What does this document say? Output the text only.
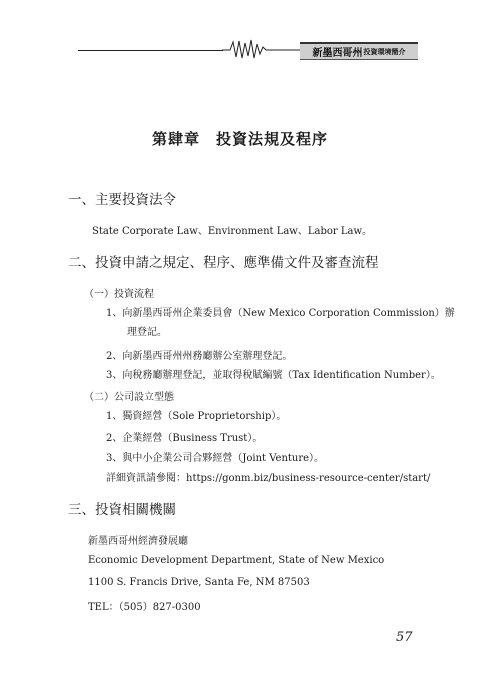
新墨西哥州 投資環境簡介
第肆章　投資法規及程序
一、主要投資法令
State Corporate Law、Environment Law、Labor Law。
二、投資申請之規定、程序、應準備文件及審查流程
（一）投資流程
1、向新墨西哥州企業委員會（New Mexico Corporation Commission）辦
理登記。
2、向新墨西哥州州務廳辦公室辦理登記。
3、向稅務廳辦理登記，並取得稅賦編號（Tax Identification Number）。
（二）公司設立型態
1、獨資經營（Sole Proprietorship）。
2、企業經營（Business Trust）。
3、與中小企業公司合夥經營（Joint Venture）。
詳細資訊請參閱：https://gonm.biz/business-resource-center/start/
三、投資相關機關
新墨西哥州經濟發展廳
Economic Development Department, State of New Mexico
1100 S. Francis Drive, Santa Fe, NM 87503
TEL：（505）827-0300
57
